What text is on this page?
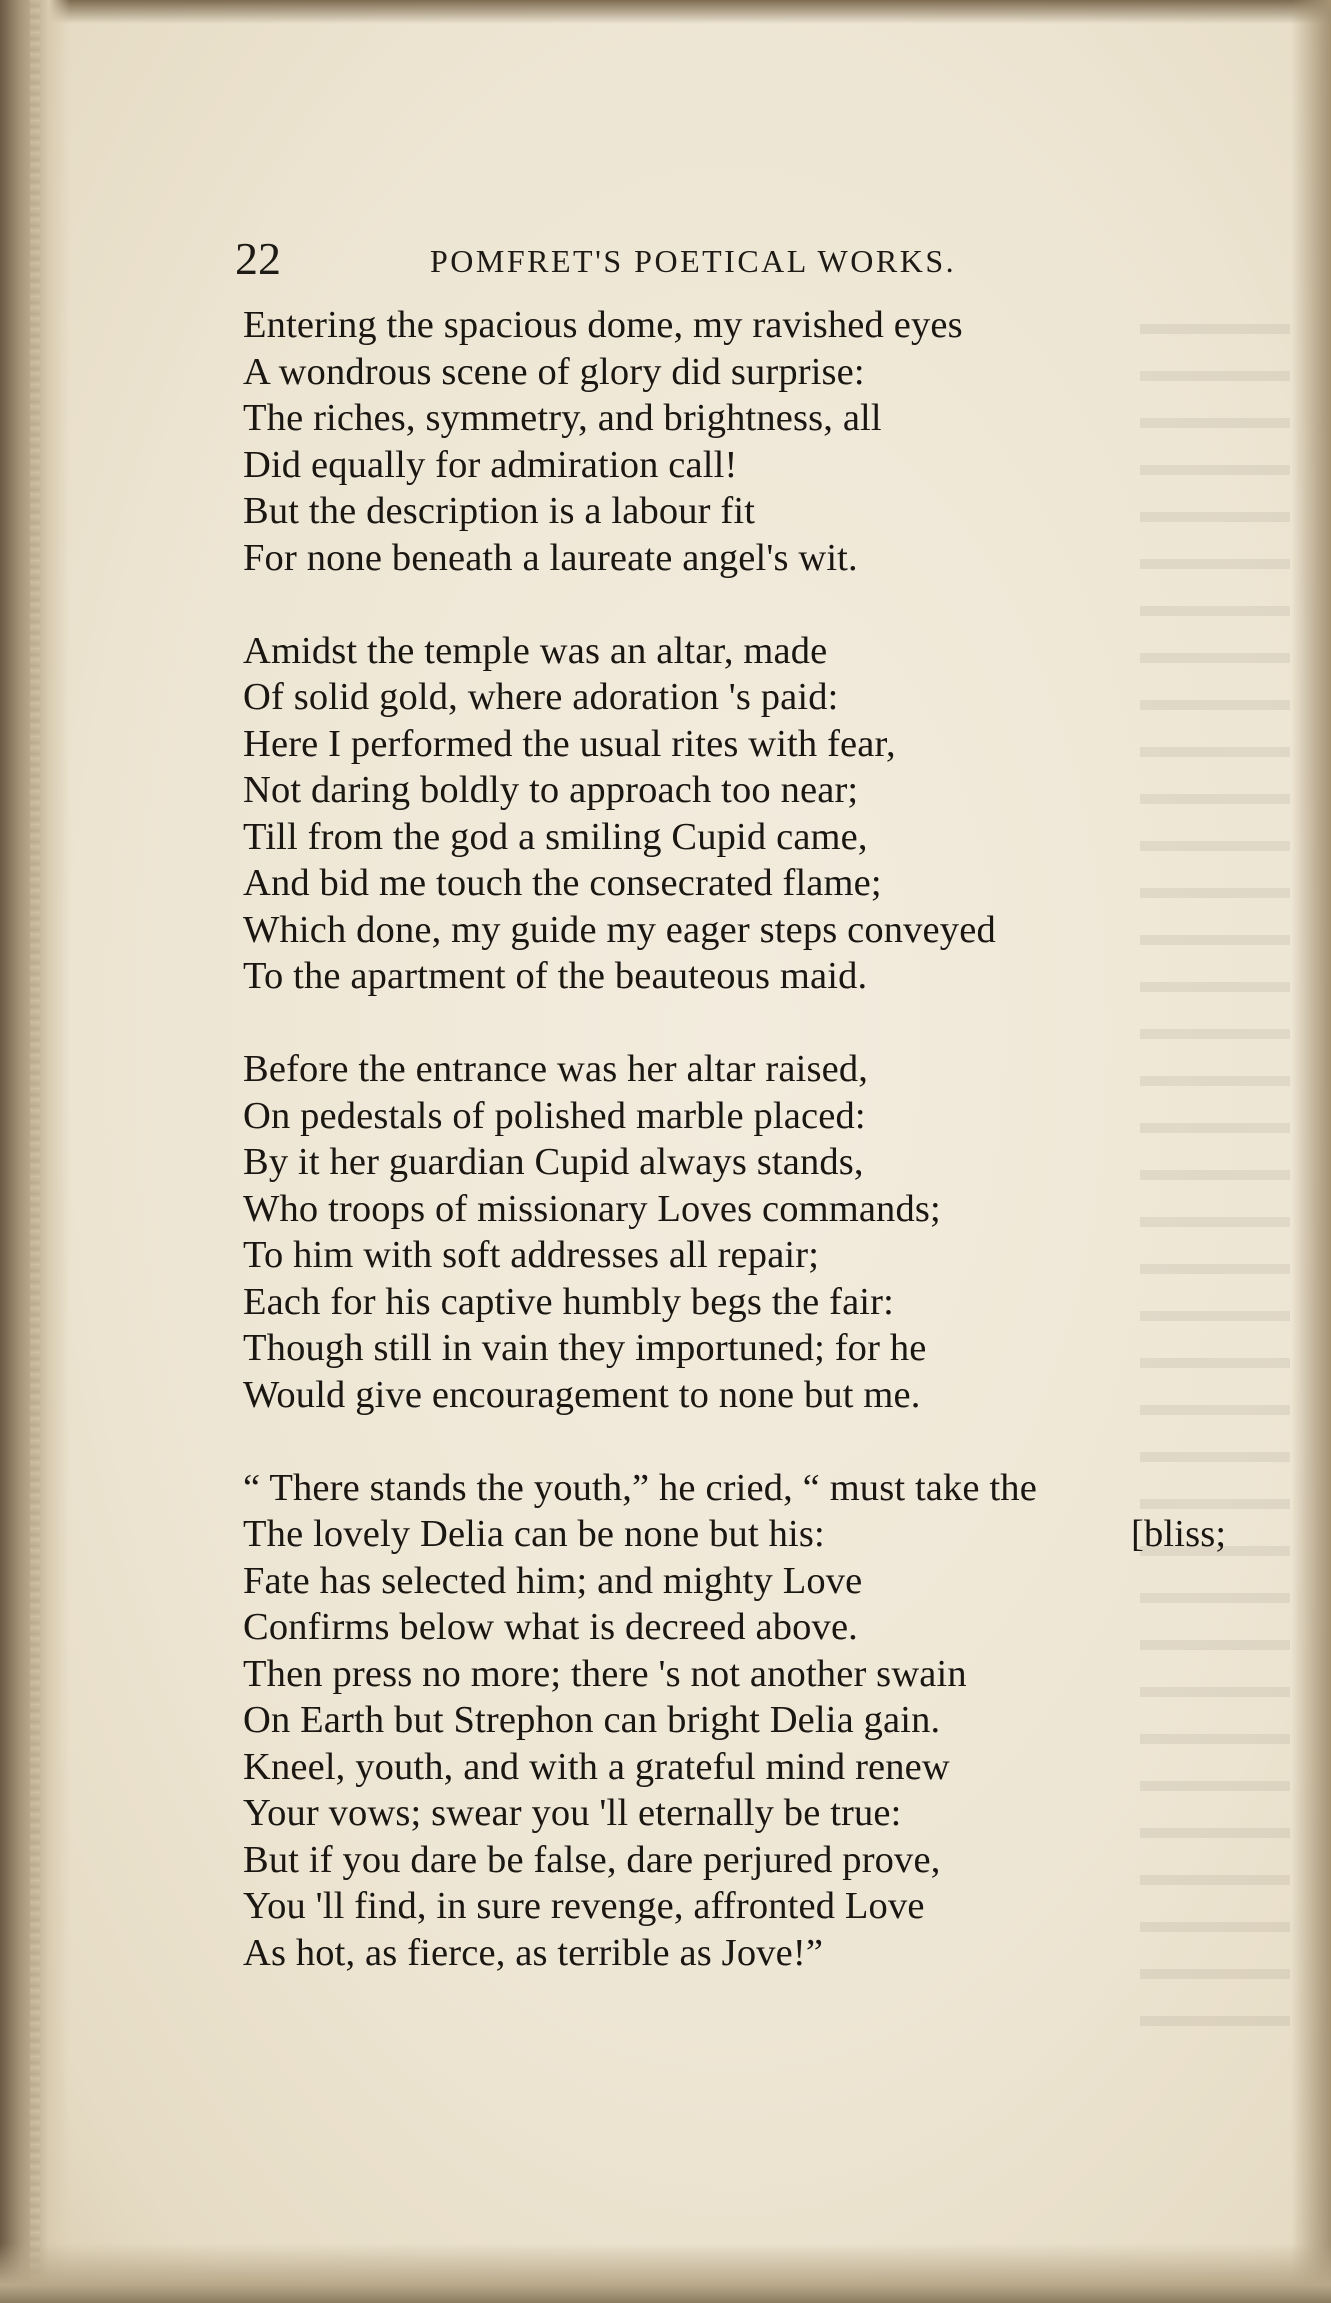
22	POMFRET'S POETICAL WORKS.
Entering the spacious dome, my ravished eyes
A wondrous scene of glory did surprise:
The riches, symmetry, and brightness, all
Did equally for admiration call!
But the description is a labour fit
For none beneath a laureate angel's wit.
Amidst the temple was an altar, made
Of solid gold, where adoration 's paid:
Here I performed the usual rites with fear,
Not daring boldly to approach too near;
Till from the god a smiling Cupid came,
And bid me touch the consecrated flame;
Which done, my guide my eager steps conveyed
To the apartment of the beauteous maid.
Before the entrance was her altar raised,
On pedestals of polished marble placed:
By it her guardian Cupid always stands,
Who troops of missionary Loves commands;
To him with soft addresses all repair;
Each for his captive humbly begs the fair:
Though still in vain they importuned; for he
Would give encouragement to none but me.
“ There stands the youth,” he cried, “ must take the
The lovely Delia can be none but his:	[bliss;
Fate has selected him; and mighty Love
Confirms below what is decreed above.
Then press no more; there 's not another swain
On Earth but Strephon can bright Delia gain.
Kneel, youth, and with a grateful mind renew
Your vows; swear you 'll eternally be true:
But if you dare be false, dare perjured prove,
You 'll find, in sure revenge, affronted Love
As hot, as fierce, as terrible as Jove!”
